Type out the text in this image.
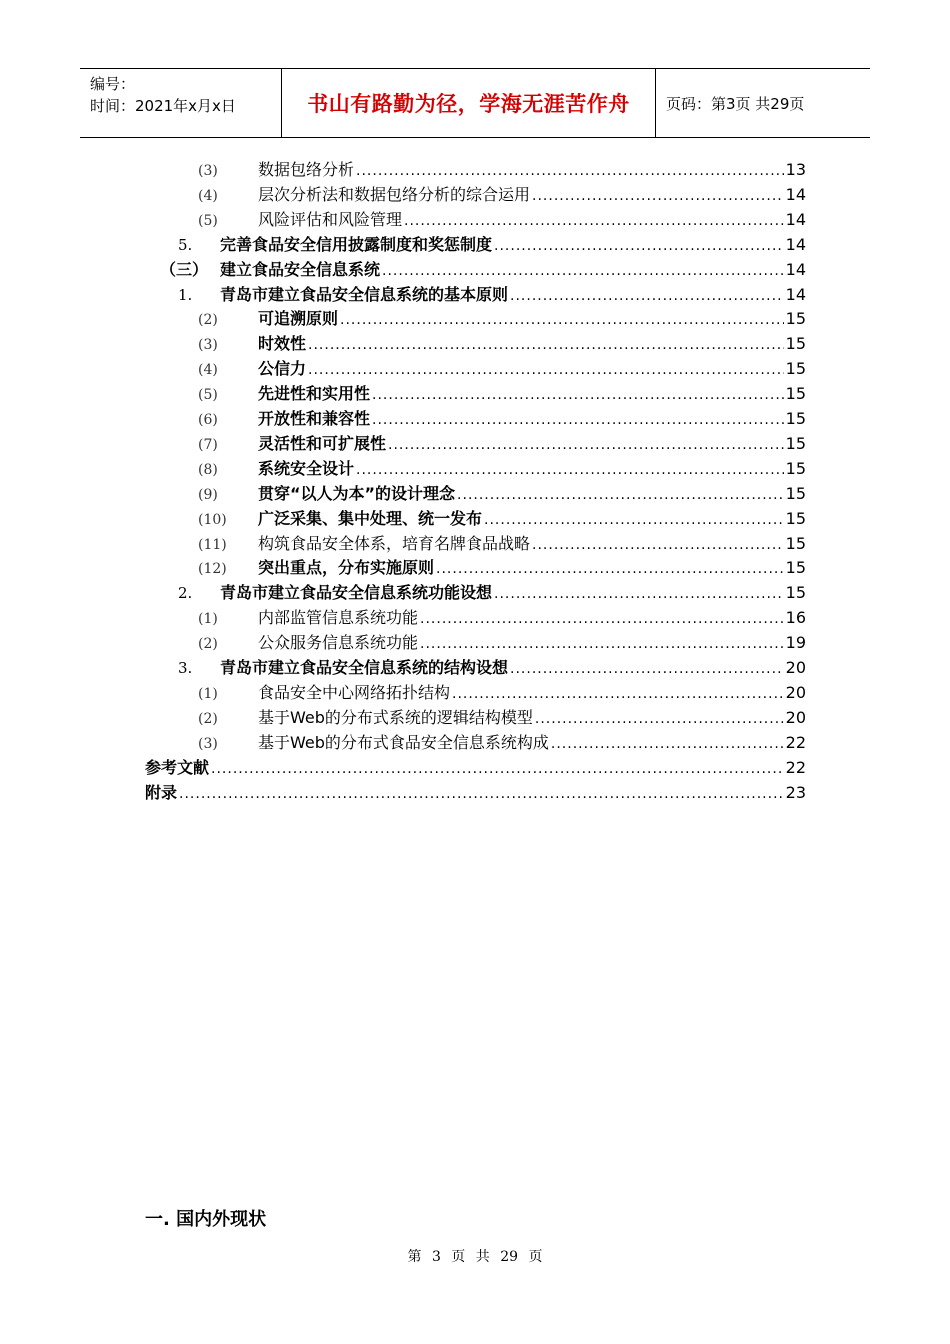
编号：
时间：2021年x月x日	书山有路勤为径，学海无涯苦作舟	页码：第3页 共29页
(3)	数据包络分析 .....	13
(4)	层次分析法和数据包络分析的综合运用 .....	14
(5)	风险评估和风险管理 .....	14
5.	完善食品安全信用披露制度和奖惩制度 .....	14
（三） 建立食品安全信息系统 .....	14
1.	青岛市建立食品安全信息系统的基本原则 .....	14
(2)	可追溯原则 .....	15
(3)	时效性 .....	15
(4)	公信力 .....	15
(5)	先进性和实用性 .....	15
(6)	开放性和兼容性 .....	15
(7)	灵活性和可扩展性 .....	15
(8)	系统安全设计 .....	15
(9)	贯穿“以人为本”的设计理念 .....	15
(10)	广泛采集、集中处理、统一发布 .....	15
(11)	构筑食品安全体系，培育名牌食品战略 .....	15
(12)	突出重点，分布实施原则 .....	15
2.	青岛市建立食品安全信息系统功能设想 .....	15
(1)	内部监管信息系统功能 .....	16
(2)	公众服务信息系统功能 .....	19
3.	青岛市建立食品安全信息系统的结构设想 .....	20
(1)	食品安全中心网络拓扑结构 .....	20
(2)	基于Web的分布式系统的逻辑结构模型 .....	20
(3)	基于Web的分布式食品安全信息系统构成 .....	22
参考文献 .....	22
附录 .....	23
一. 国内外现状
第 3 页 共 29 页
